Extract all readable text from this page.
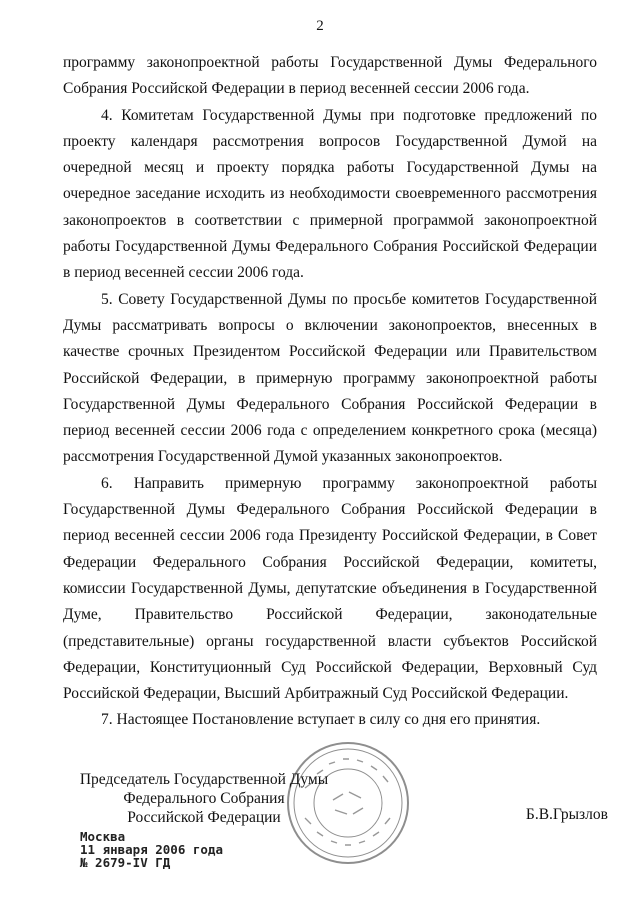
2

программу законопроектной работы Государственной Думы Федерального Собрания Российской Федерации в период весенней сессии 2006 года.

4. Комитетам Государственной Думы при подготовке предложений по проекту календаря рассмотрения вопросов Государственной Думой на очередной месяц и проекту порядка работы Государственной Думы на очередное заседание исходить из необходимости своевременного рассмотрения законопроектов в соответствии с примерной программой законопроектной работы Государственной Думы Федерального Собрания Российской Федерации в период весенней сессии 2006 года.

5. Совету Государственной Думы по просьбе комитетов Государственной Думы рассматривать вопросы о включении законопроектов, внесенных в качестве срочных Президентом Российской Федерации или Правительством Российской Федерации, в примерную программу законопроектной работы Государственной Думы Федерального Собрания Российской Федерации в период весенней сессии 2006 года с определением конкретного срока (месяца) рассмотрения Государственной Думой указанных законопроектов.

6. Направить примерную программу законопроектной работы Государственной Думы Федерального Собрания Российской Федерации в период весенней сессии 2006 года Президенту Российской Федерации, в Совет Федерации Федерального Собрания Российской Федерации, комитеты, комиссии Государственной Думы, депутатские объединения в Государственной Думе, Правительство Российской Федерации, законодательные (представительные) органы государственной власти субъектов Российской Федерации, Конституционный Суд Российской Федерации, Верховный Суд Российской Федерации, Высший Арбитражный Суд Российской Федерации.

7. Настоящее Постановление вступает в силу со дня его принятия.

Председатель Государственной Думы
Федерального Собрания
Российской Федерации	Б.В.Грызлов
Москва
11 января 2006 года
№ 2679-IV ГД
